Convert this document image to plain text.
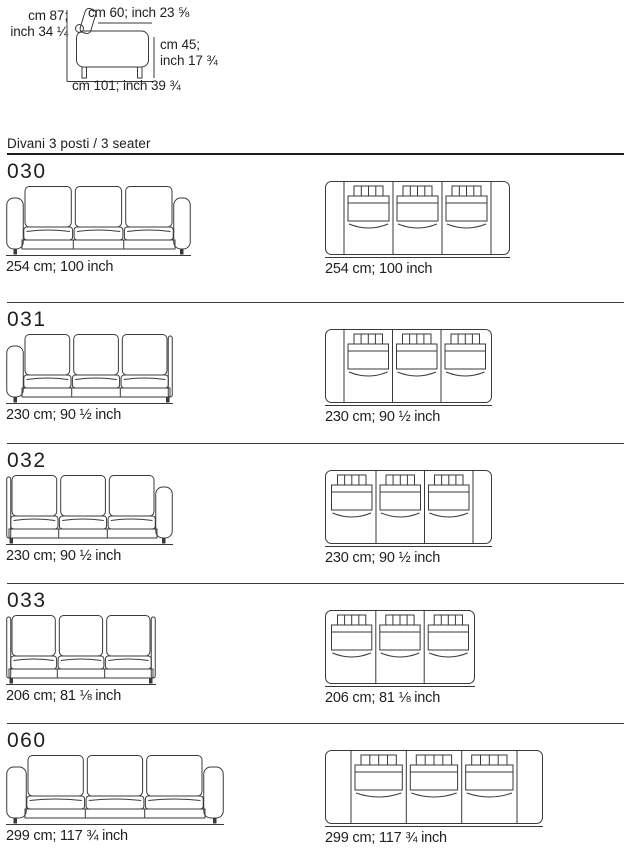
cm 87;
inch 34 ¼
cm 60; inch 23 ⅝
cm 45;
inch 17 ¾
cm 101; inch 39 ¾
Divani 3 posti / 3 seater
030
254 cm; 100 inch	254 cm; 100 inch
031
230 cm; 90 ½ inch	230 cm; 90 ½ inch
032
230 cm; 90 ½ inch	230 cm; 90 ½ inch
033
206 cm; 81 ⅛ inch	206 cm; 81 ⅛ inch
060
299 cm; 117 ¾ inch	299 cm; 117 ¾ inch
